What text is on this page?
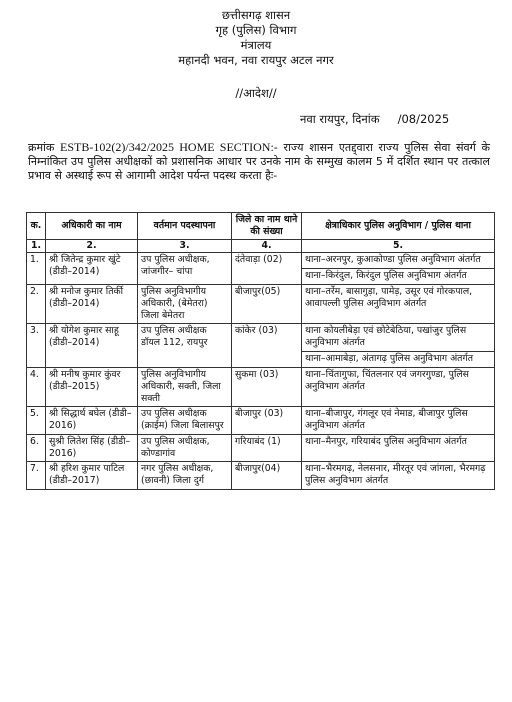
छत्तीसगढ़ शासन
गृह (पुलिस) विभाग
मंत्रालय
महानदी भवन, नवा रायपुर अटल नगर
//आदेश//
नवा रायपुर, दिनांक /08/2025
क्रमांक ESTB-102(2)/342/2025 HOME SECTION:- राज्य शासन एतद्द्वारा राज्य पुलिस सेवा संवर्ग के निम्नांकित उप पुलिस अधीक्षकों को प्रशासनिक आधार पर उनके नाम के सम्मुख कालम 5 में दर्शित स्थान पर तत्काल प्रभाव से अस्थाई रूप से आगामी आदेश पर्यन्त पदस्थ करता हैः-
क.	अधिकारी का नाम	वर्तमान पदस्थापना	जिले का नाम थाने की संख्या	क्षेत्राधिकार पुलिस अनुविभाग / पुलिस थाना
1.	2.	3.	4.	5.
1.	श्री जितेन्द्र कुमार खुंटे (डीडी–2014)	उप पुलिस अधीक्षक, जांजगीर– चांपा	दंतेवाड़ा (02)	थाना–अरनपुर, कुआकोण्डा पुलिस अनुविभाग अंतर्गत
थाना–किरंदुल, किरंदुल पुलिस अनुविभाग अंतर्गत

2.	श्री मनोज कुमार तिर्की (डीडी–2014)	पुलिस अनुविभागीय अधिकारी, (बेमेतरा) जिला बेमेतरा	बीजापुर(05)	थाना–तर्रेम, बासागुड़ा, पामेड़, उसूर एवं गोरकपाल, आवापल्ली पुलिस अनुविभाग अंतर्गत

3.	श्री योगेश कुमार साहू (डीडी–2014)	उप पुलिस अधीक्षक डॉयल 112, रायपुर	कांकेर (03)	थाना कोयलीबेड़ा एवं छोटेबेठिया, पखांजुर पुलिस अनुविभाग अंतर्गत
थाना–आमाबेड़ा, अंतागढ़ पुलिस अनुविभाग अंतर्गत

4.	श्री मनीष कुमार कुंवर (डीडी–2015)	पुलिस अनुविभागीय अधिकारी, सक्ती, जिला सक्ती	सुकमा (03)	थाना–चिंतागुफा, चिंतलनार एवं जगरगुण्डा, पुलिस अनुविभाग अंतर्गत

5.	श्री सिद्धार्थ बघेल (डीडी–2016)	उप पुलिस अधीक्षक (क्राईम) जिला बिलासपुर	बीजापुर (03)	थाना–बीजापुर, गंगलूर एवं नेमाड, बीजापुर पुलिस अनुविभाग अंतर्गत

6.	सुश्री लितेश सिंह (डीडी–2016)	उप पुलिस अधीक्षक, कोण्डागांव	गरियाबंद (1)	थाना–मैनपुर, गरियाबंद पुलिस अनुविभाग अंतर्गत

7.	श्री हरिश कुमार पाटिल (डीडी–2017)	नगर पुलिस अधीक्षक, (छावनी) जिला दुर्ग	बीजापुर(04)	थाना–भैरमगढ़, नेलसनार, मीरतूर एवं जांगला, भैरमगढ़ पुलिस अनुविभाग अंतर्गत
